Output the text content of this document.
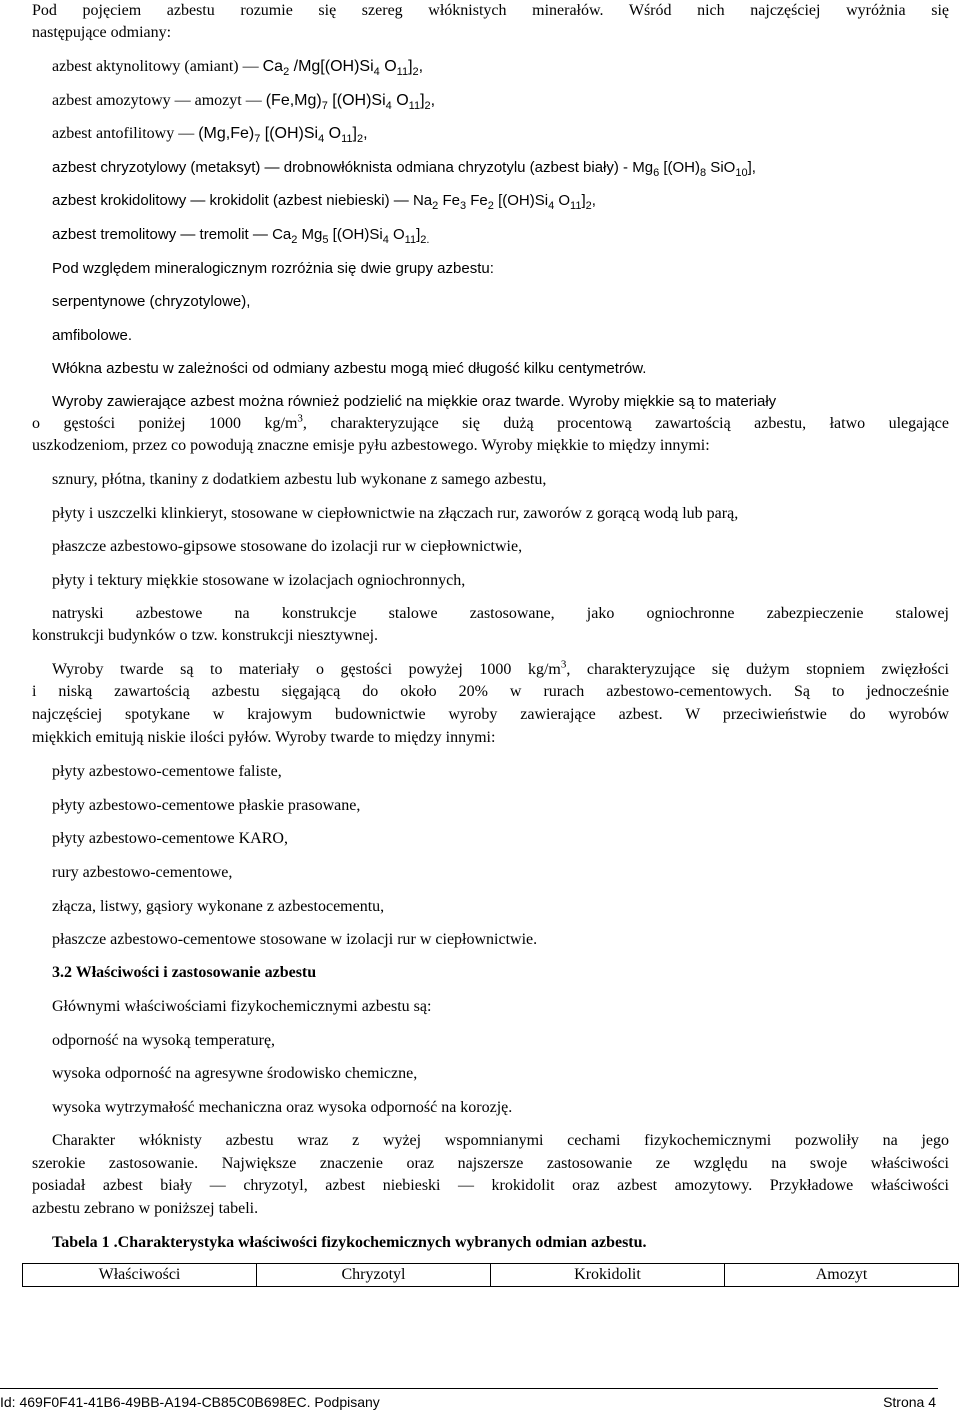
Pod pojęciem azbestu rozumie się szereg włóknistych minerałów. Wśród nich najczęściej wyróżnia się
następujące odmiany:
azbest aktynolitowy (amiant) — $Ca_2$ $/Mg[(OH)Si_4$ $O_{11}]_2$,
azbest amozytowy — amozyt — $(Fe,Mg)_7$ [$(OH)Si_4$ $O_{11}]_2$,
azbest antofilitowy — $(Mg,Fe)_7$ [$(OH)Si_4$ $O_{11}]_2$,
azbest chryzotylowy (metaksyt) — drobnowłóknista odmiana chryzotylu (azbest biały) - $Mg_6$ [$(OH)_8$ SiO$_{10}$],
azbest krokidolitowy — krokidolit (azbest niebieski) — $Na_2$ $Fe_3$ $Fe_2$ [$(OH)Si_4$ $O_{11}]_2$,
azbest tremolitowy — tremolit — $Ca_2$ $Mg_5$ [$(OH)Si_4$ $O_{11}]_{2.}$
Pod względem mineralogicznym rozróżnia się dwie grupy azbestu:
serpentynowe (chryzotylowe),
amfibolowe.
Włókna azbestu w zależności od odmiany azbestu mogą mieć długość kilku centymetrów.
Wyroby zawierające azbest można również podzielić na miękkie oraz twarde. Wyroby miękkie są to materiały
o gęstości poniżej 1000 $kg/m^3$, charakteryzujące się dużą procentową zawartością azbestu, łatwo ulegające
uszkodzeniom, przez co powodują znaczne emisje pyłu azbestowego. Wyroby miękkie to między innymi:
sznury, płótna, tkaniny z dodatkiem azbestu lub wykonane z samego azbestu,
płyty i uszczelki klinkieryt, stosowane w ciepłownictwie na złączach rur, zaworów z gorącą wodą lub parą,
płaszcze azbestowo-gipsowe stosowane do izolacji rur w ciepłownictwie,
płyty i tektury miękkie stosowane w izolacjach ogniochronnych,
natryski azbestowe na konstrukcje stalowe zastosowane, jako ogniochronne zabezpieczenie stalowej
konstrukcji budynków o tzw. konstrukcji niesztywnej.
Wyroby twarde są to materiały o gęstości powyżej 1000 $kg/m^3$, charakteryzujące się dużym stopniem zwięzłości
i niską zawartością azbestu sięgającą do około 20% w rurach azbestowo-cementowych. Są to jednocześnie
najczęściej spotykane w krajowym budownictwie wyroby zawierające azbest. W przeciwieństwie do wyrobów
miękkich emitują niskie ilości pyłów. Wyroby twarde to między innymi:
płyty azbestowo-cementowe faliste,
płyty azbestowo-cementowe płaskie prasowane,
płyty azbestowo-cementowe KARO,
rury azbestowo-cementowe,
złącza, listwy, gąsiory wykonane z azbestocementu,
płaszcze azbestowo-cementowe stosowane w izolacji rur w ciepłownictwie.
3.2 Właściwości i zastosowanie azbestu
Głównymi właściwościami fizykochemicznymi azbestu są:
odporność na wysoką temperaturę,
wysoka odporność na agresywne środowisko chemiczne,
wysoka wytrzymałość mechaniczna oraz wysoka odporność na korozję.
Charakter włóknisty azbestu wraz z wyżej wspomnianymi cechami fizykochemicznymi pozwoliły na jego
szerokie zastosowanie. Największe znaczenie oraz najszersze zastosowanie ze względu na swoje właściwości
posiadał azbest biały — chryzotyl, azbest niebieski — krokidolit oraz azbest amozytowy. Przykładowe właściwości
azbestu zebrano w poniższej tabeli.
Tabela 1 .Charakterystyka właściwości fizykochemicznych wybranych odmian azbestu.
Właściwości	Chryzotyl	Krokidolit	Amozyt
Id: 469F0F41-41B6-49BB-A194-CB85C0B698EC. Podpisany	Strona 4
